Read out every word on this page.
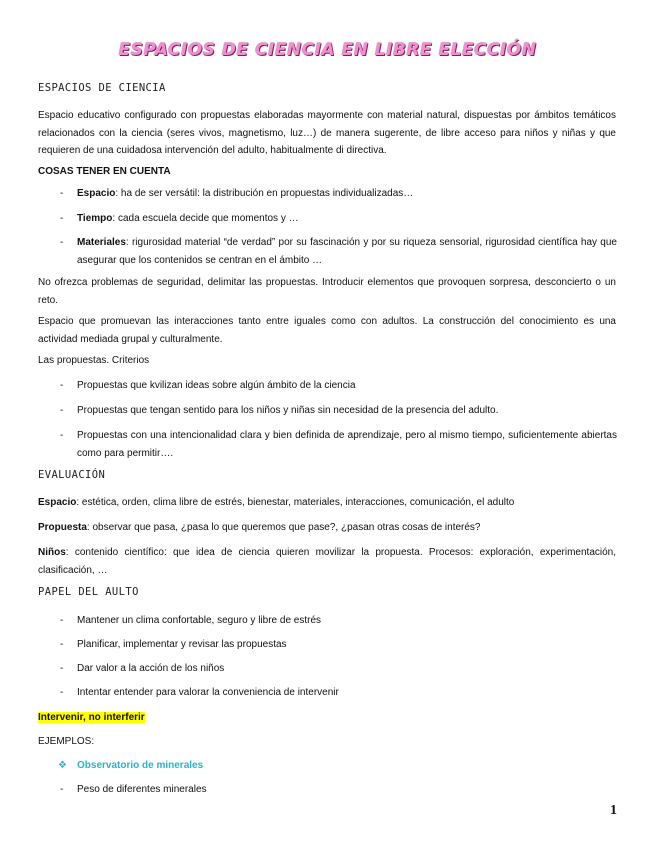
ESPACIOS DE CIENCIA EN LIBRE ELECCIÓN
ESPACIOS DE CIENCIA
Espacio educativo configurado con propuestas elaboradas mayormente con material natural, dispuestas por ámbitos temáticos relacionados con la ciencia (seres vivos, magnetismo, luz…) de manera sugerente, de libre acceso para niños y niñas y que requieren de una cuidadosa intervención del adulto, habitualmente di directiva.
COSAS TENER EN CUENTA
- Espacio: ha de ser versátil: la distribución en propuestas individualizadas…
- Tiempo: cada escuela decide que momentos y …
- Materiales: rigurosidad material “de verdad” por su fascinación y por su riqueza sensorial, rigurosidad científica hay que asegurar que los contenidos se centran en el ámbito …
No ofrezca problemas de seguridad, delimitar las propuestas. Introducir elementos que provoquen sorpresa, desconcierto o un reto.
Espacio que promuevan las interacciones tanto entre iguales como con adultos. La construcción del conocimiento es una actividad mediada grupal y culturalmente.
Las propuestas. Criterios
- Propuestas que kvilizan ideas sobre algún ámbito de la ciencia
- Propuestas que tengan sentido para los niños y niñas sin necesidad de la presencia del adulto.
- Propuestas con una intencionalidad clara y bien definida de aprendizaje, pero al mismo tiempo, suficientemente abiertas como para permitir….
EVALUACIÓN
Espacio: estética, orden, clima libre de estrés, bienestar, materiales, interacciones, comunicación, el adulto
Propuesta: observar que pasa, ¿pasa lo que queremos que pase?, ¿pasan otras cosas de interés?
Niños: contenido científico: que idea de ciencia quieren movilizar la propuesta. Procesos: exploración, experimentación, clasificación, …
PAPEL DEL AULTO
- Mantener un clima confortable, seguro y libre de estrés
- Planificar, implementar y revisar las propuestas
- Dar valor a la acción de los niños
- Intentar entender para valorar la conveniencia de intervenir
Intervenir, no interferir
EJEMPLOS:
❖ Observatorio de minerales
- Peso de diferentes minerales
1
